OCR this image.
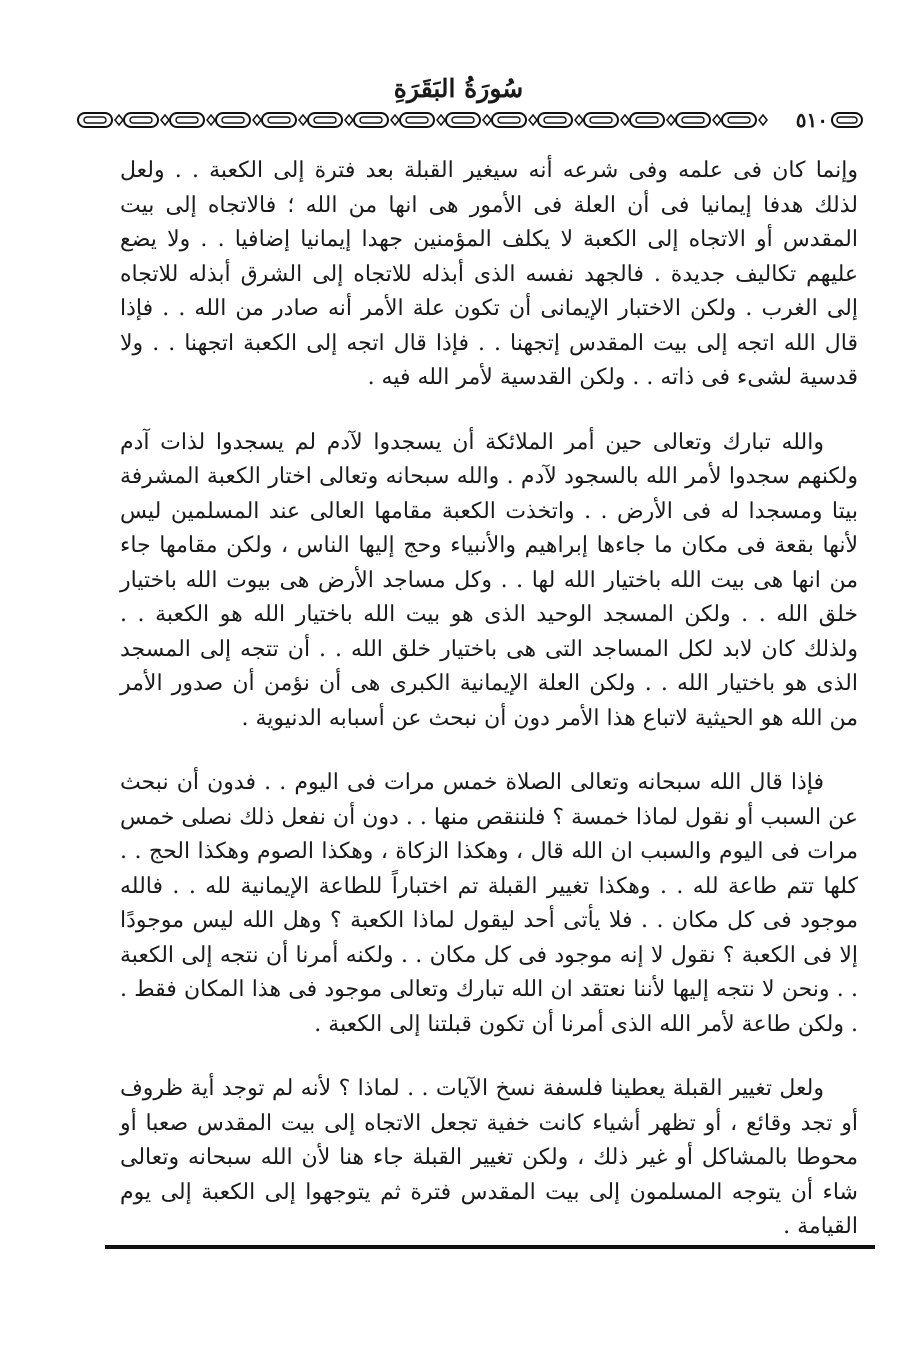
سُورَةُ البَقَرَةِ
٥١٠

وإنما كان فى علمه وفى شرعه أنه سيغير القبلة بعد فترة إلى الكعبة . . ولعل لذلك هدفا إيمانيا فى أن العلة فى الأمور هى انها من الله ؛ فالاتجاه إلى بيت المقدس أو الاتجاه إلى الكعبة لا يكلف المؤمنين جهدا إيمانيا إضافيا . . ولا يضع عليهم تكاليف جديدة . فالجهد نفسه الذى أبذله للاتجاه إلى الشرق أبذله للاتجاه إلى الغرب . ولكن الاختبار الإيمانى أن تكون علة الأمر أنه صادر من الله . . فإذا قال الله اتجه إلى بيت المقدس إتجهنا . . فإذا قال اتجه إلى الكعبة اتجهنا . . ولا قدسية لشىء فى ذاته . . ولكن القدسية لأمر الله فيه .

والله تبارك وتعالى حين أمر الملائكة أن يسجدوا لآدم لم يسجدوا لذات آدم ولكنهم سجدوا لأمر الله بالسجود لآدم . والله سبحانه وتعالى اختار الكعبة المشرفة بيتا ومسجدا له فى الأرض . . واتخذت الكعبة مقامها العالى عند المسلمين ليس لأنها بقعة فى مكان ما جاءها إبراهيم والأنبياء وحج إليها الناس ، ولكن مقامها جاء من انها هى بيت الله باختيار الله لها . . وكل مساجد الأرض هى بيوت الله باختيار خلق الله . . ولكن المسجد الوحيد الذى هو بيت الله باختيار الله هو الكعبة . . ولذلك كان لابد لكل المساجد التى هى باختيار خلق الله . . أن تتجه إلى المسجد الذى هو باختيار الله . . ولكن العلة الإيمانية الكبرى هى أن نؤمن أن صدور الأمر من الله هو الحيثية لاتباع هذا الأمر دون أن نبحث عن أسبابه الدنيوية .

فإذا قال الله سبحانه وتعالى الصلاة خمس مرات فى اليوم . . فدون أن نبحث عن السبب أو نقول لماذا خمسة ؟ فلننقص منها . . دون أن نفعل ذلك نصلى خمس مرات فى اليوم والسبب ان الله قال ، وهكذا الزكاة ، وهكذا الصوم وهكذا الحج . . كلها تتم طاعة لله . . وهكذا تغيير القبلة تم اختباراً للطاعة الإيمانية لله . . فالله موجود فى كل مكان . . فلا يأتى أحد ليقول لماذا الكعبة ؟ وهل الله ليس موجودًا إلا فى الكعبة ؟ نقول لا إنه موجود فى كل مكان . . ولكنه أمرنا أن نتجه إلى الكعبة . . ونحن لا نتجه إليها لأننا نعتقد ان الله تبارك وتعالى موجود فى هذا المكان فقط . . ولكن طاعة لأمر الله الذى أمرنا أن تكون قبلتنا إلى الكعبة .

ولعل تغيير القبلة يعطينا فلسفة نسخ الآيات . . لماذا ؟ لأنه لم توجد أية ظروف أو تجد وقائع ، أو تظهر أشياء كانت خفية تجعل الاتجاه إلى بيت المقدس صعبا أو محوطا بالمشاكل أو غير ذلك ، ولكن تغيير القبلة جاء هنا لأن الله سبحانه وتعالى شاء أن يتوجه المسلمون إلى بيت المقدس فترة ثم يتوجهوا إلى الكعبة إلى يوم القيامة .
